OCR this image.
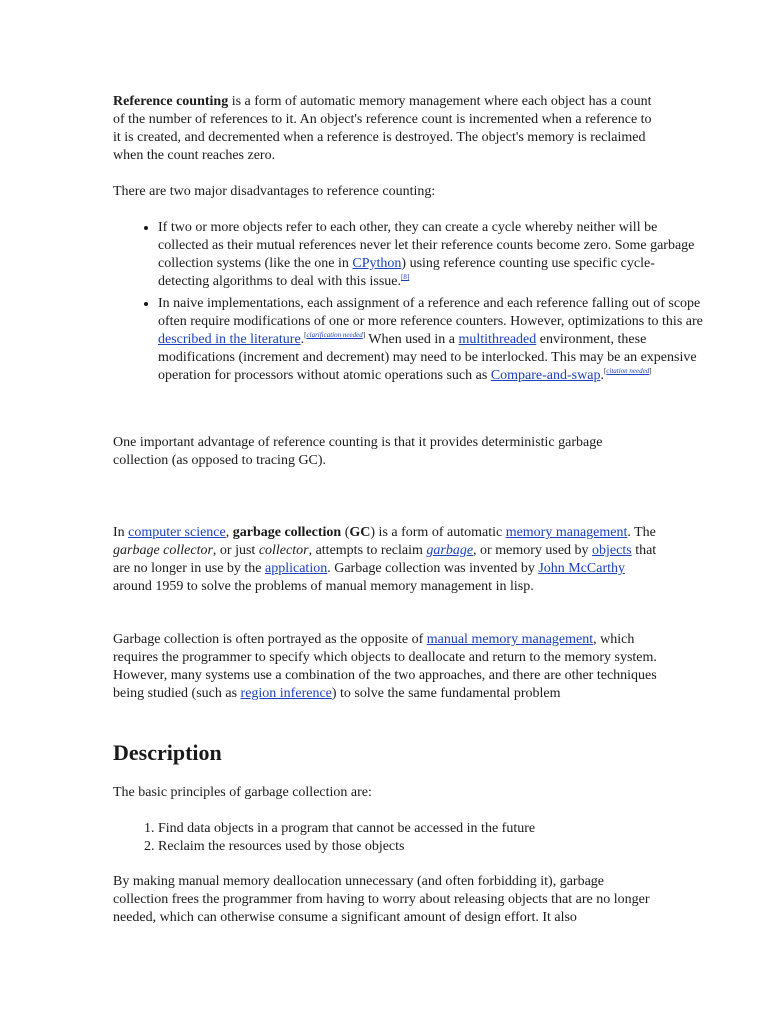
Reference counting is a form of automatic memory management where each object has a count of the number of references to it. An object's reference count is incremented when a reference to it is created, and decremented when a reference is destroyed. The object's memory is reclaimed when the count reaches zero.

There are two major disadvantages to reference counting:

• If two or more objects refer to each other, they can create a cycle whereby neither will be collected as their mutual references never let their reference counts become zero. Some garbage collection systems (like the one in CPython) using reference counting use specific cycle-detecting algorithms to deal with this issue.[8]
• In naive implementations, each assignment of a reference and each reference falling out of scope often require modifications of one or more reference counters. However, optimizations to this are described in the literature.[clarification needed] When used in a multithreaded environment, these modifications (increment and decrement) may need to be interlocked. This may be an expensive operation for processors without atomic operations such as Compare-and-swap.[citation needed]

One important advantage of reference counting is that it provides deterministic garbage collection (as opposed to tracing GC).

In computer science, garbage collection (GC) is a form of automatic memory management. The garbage collector, or just collector, attempts to reclaim garbage, or memory used by objects that are no longer in use by the application. Garbage collection was invented by John McCarthy around 1959 to solve the problems of manual memory management in lisp.

Garbage collection is often portrayed as the opposite of manual memory management, which requires the programmer to specify which objects to deallocate and return to the memory system. However, many systems use a combination of the two approaches, and there are other techniques being studied (such as region inference) to solve the same fundamental problem

Description

The basic principles of garbage collection are:

1. Find data objects in a program that cannot be accessed in the future
2. Reclaim the resources used by those objects

By making manual memory deallocation unnecessary (and often forbidding it), garbage collection frees the programmer from having to worry about releasing objects that are no longer needed, which can otherwise consume a significant amount of design effort. It also
